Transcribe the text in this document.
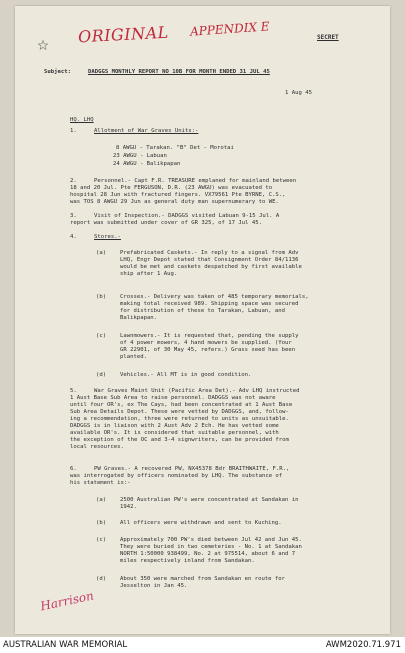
ORIGINAL APPENDIX E
Harrison
SECRET
Subject:	DADGGS MONTHLY REPORT NO 10B FOR MONTH ENDED 31 JUL 45
1 Aug 45
HQ. LHQ
1.	Allotment of War Graves Units:-
8 AWGU - Tarakan. "B" Det - Morotai
23 AWGU - Labuan
24 AWGU - Balikpapan
2.	Personnel.- Capt F.R. TREASURE emplaned for mainland between
18 and 20 Jul. Pte FERGUSON, D.R. (23 AWGU) was evacuated to
hospital 28 Jun with fractured fingers. VX79561 Pte BYRNE, C.S.,
was TOS 8 AWGU 29 Jun as general duty man supernumerary to WE.
3.	Visit of Inspection.- DADGGS visited Labuan 9-15 Jul. A
report was submitted under cover of GR 325, of 17 Jul 45.
4.	Stores.-
(a) Prefabricated Caskets.- In reply to a signal from Adv
LHQ, Engr Depot stated that Consignment Order 84/1136
would be met and caskets despatched by first available
ship after 1 Aug.
(b) Crosses.- Delivery was taken of 485 temporary memorials,
making total received 989. Shipping space was secured
for distribution of these to Tarakan, Labuan, and
Balikpapan.
(c) Lawnmowers.- It is requested that, pending the supply
of 4 power mowers, 4 hand mowers be supplied. (Your
GR 22901, of 30 May 45, refers.) Grass seed has been
planted.
(d) Vehicles.- All MT is in good condition.
5.	War Graves Maint Unit (Pacific Area Det).- Adv LHQ instructed
1 Aust Base Sub Area to raise personnel. DADGGS was not aware
until four OR's, ex The Cays, had been concentrated at 1 Aust Base
Sub Area Details Depot. These were vetted by DADGGS, and, follow-
ing a recommendation, three were returned to units as unsuitable.
DADGGS is in liaison with 2 Aust Adv 2 Ech. He has vetted some
available OR's. It is considered that suitable personnel, with
the exception of the OC and 3-4 signwriters, can be provided from
local resources.
6.	PW Graves.- A recovered PW, NX45378 Bdr BRAITHWAITE, F.R.,
was interrogated by officers nominated by LHQ. The substance of
his statement is:-
(a) 2500 Australian PW's were concentrated at Sandakan in
1942.
(b) All officers were withdrawn and sent to Kuching.
(c) Approximately 700 PW's died between Jul 42 and Jun 45.
They were buried in two cemeteries - No. 1 at Sandakan
NORTH 1:50000 938499, No. 2 at 975514, about 6 and 7
miles respectively inland from Sandakan.
(d) About 350 were marched from Sandakan en route for
Jesselton in Jan 45.
AUSTRALIAN WAR MEMORIAL	AWM2020.71.971
